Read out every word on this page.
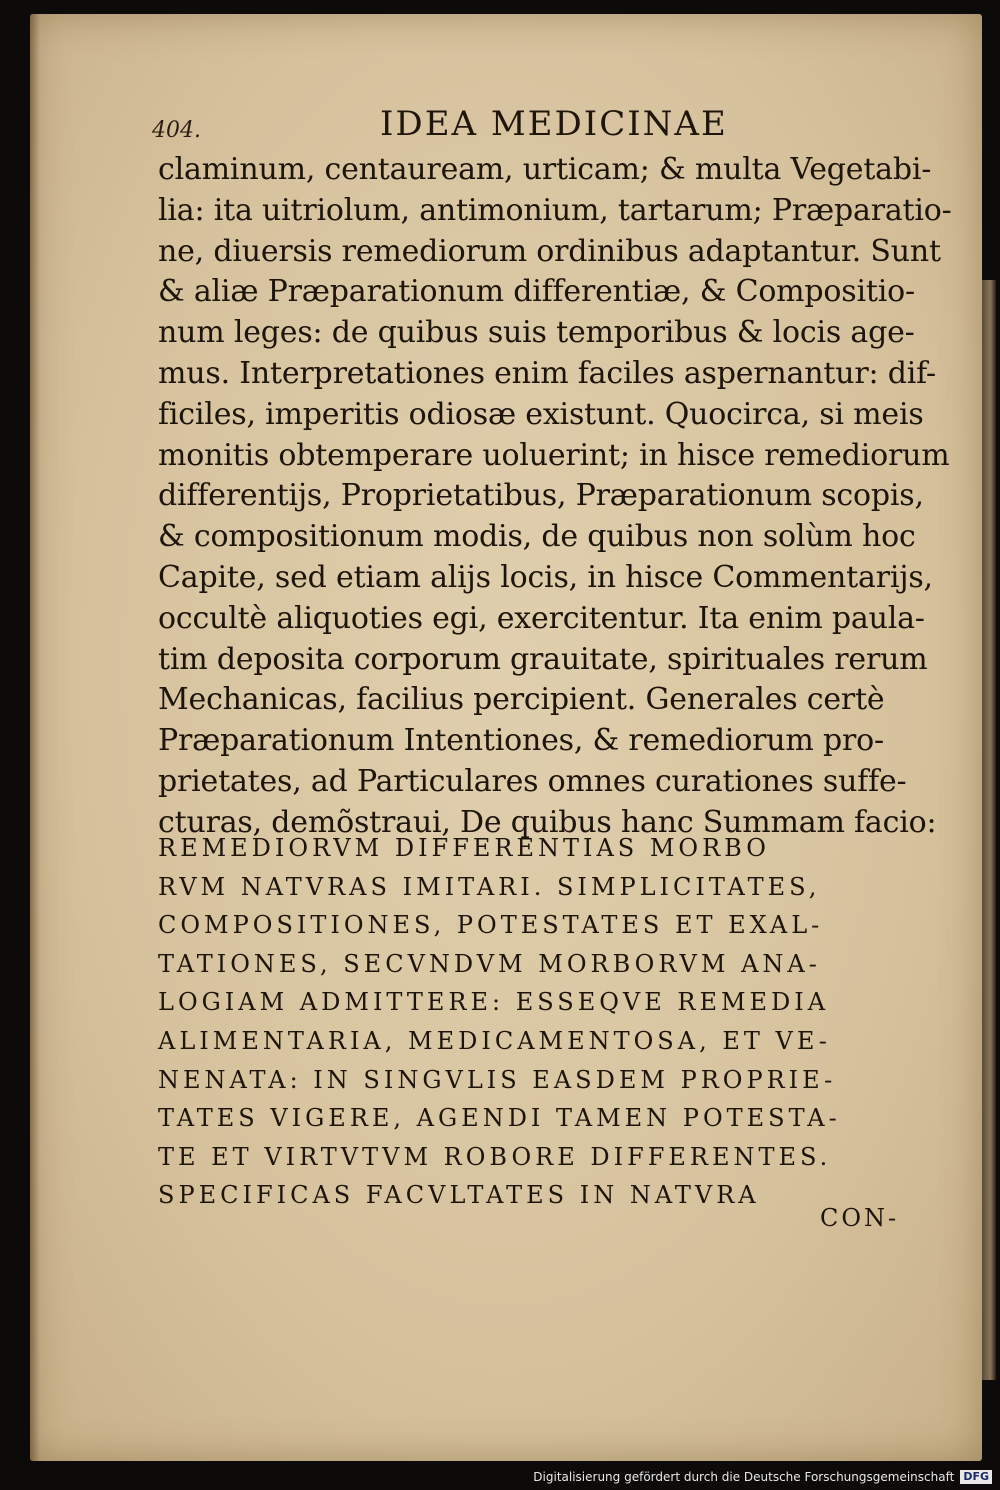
404.	IDEA MEDICINAE
claminum, centauream, urticam; & multa Vegetabi-
lia: ita uitriolum, antimonium, tartarum; Præparatio-
ne, diuersis remediorum ordinibus adaptantur. Sunt
& aliæ Præparationum differentiæ, & Compositio-
num leges: de quibus suis temporibus & locis age-
mus. Interpretationes enim faciles aspernantur: dif-
ficiles, imperitis odiosæ existunt. Quocirca, si meis
monitis obtemperare uoluerint; in hisce remediorum
differentijs, Proprietatibus, Præparationum scopis,
& compositionum modis, de quibus non solùm hoc
Capite, sed etiam alijs locis, in hisce Commentarijs,
occultè aliquoties egi, exercitentur. Ita enim paula-
tim deposita corporum grauitate, spirituales rerum
Mechanicas, facilius percipient. Generales certè
Præparationum Intentiones, & remediorum pro-
prietates, ad Particulares omnes curationes suffe-
cturas, demõstraui, De quibus hanc Summam facio:
REMEDIORVM DIFFERENTIAS MORBO
RVM NATVRAS IMITARI. SIMPLICITATES,
COMPOSITIONES, POTESTATES ET EXAL-
TATIONES, SECVNDVM MORBORVM ANA-
LOGIAM ADMITTERE: ESSEQVE REMEDIA
ALIMENTARIA, MEDICAMENTOSA, ET VE-
NENATA: IN SINGVLIS EASDEM PROPRIE-
TATES VIGERE, AGENDI TAMEN POTESTA-
TE ET VIRTVTVM ROBORE DIFFERENTES.
SPECIFICAS FACVLTATES IN NATVRA
CON-
Digitalisierung gefördert durch die Deutsche Forschungsgemeinschaft DFG
